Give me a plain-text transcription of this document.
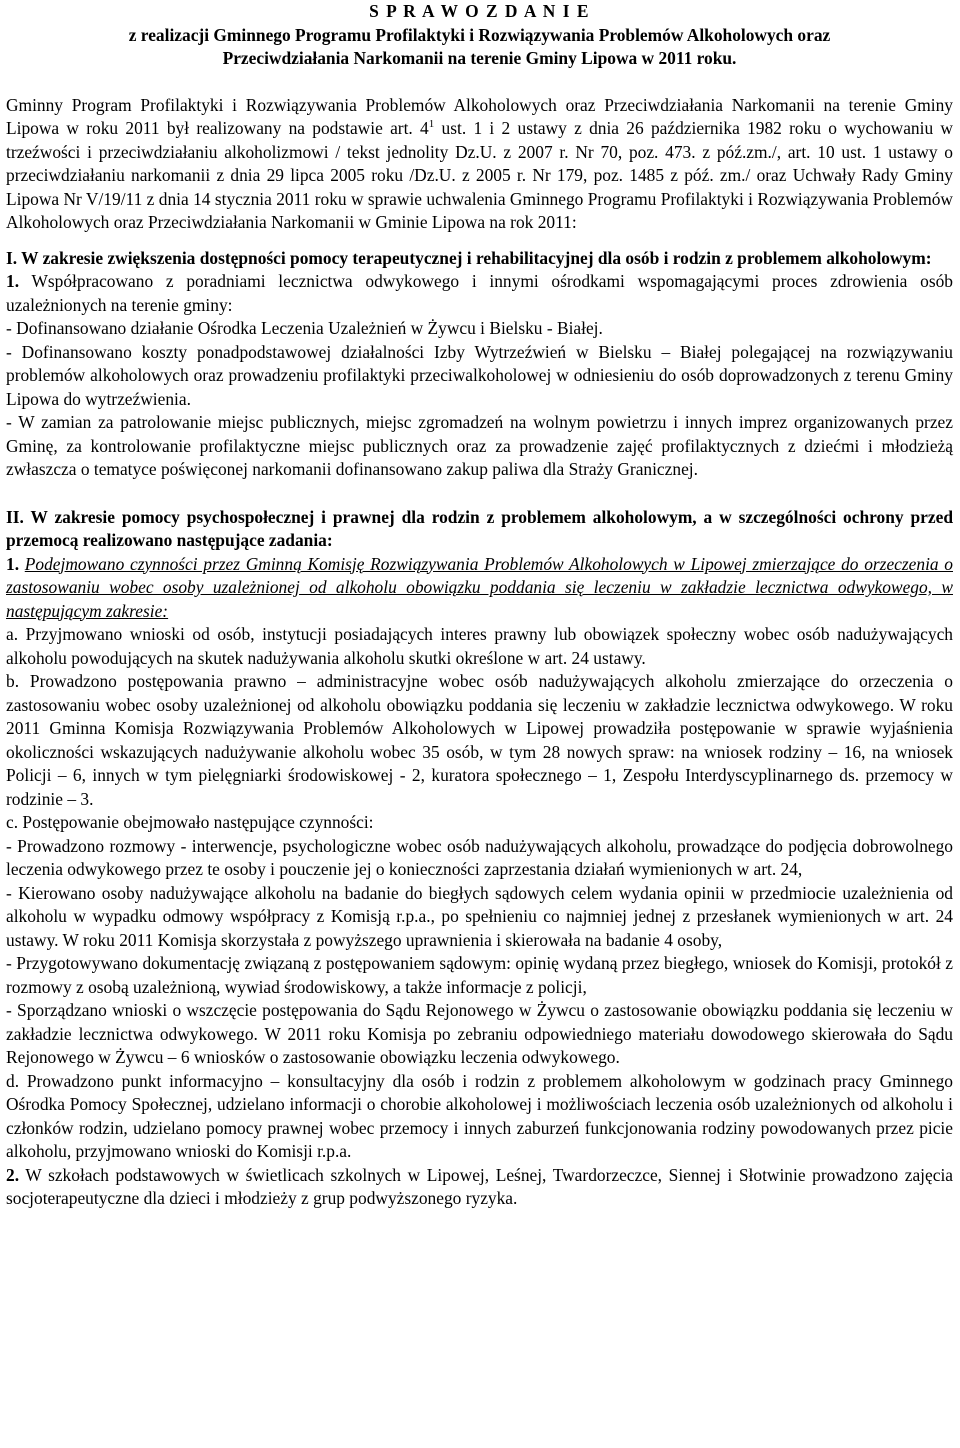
S P R A W O Z D A N I E
z realizacji Gminnego Programu Profilaktyki i Rozwiązywania Problemów Alkoholowych oraz
Przeciwdziałania Narkomanii na terenie Gminy Lipowa w 2011 roku.

Gminny Program Profilaktyki i Rozwiązywania Problemów Alkoholowych oraz Przeciwdziałania Narkomanii na terenie Gminy Lipowa w roku 2011 był realizowany na podstawie art. $4^1$ ust. 1 i 2 ustawy z dnia 26 października 1982 roku o wychowaniu w trzeźwości i przeciwdziałaniu alkoholizmowi / tekst jednolity Dz.U. z 2007 r. Nr 70, poz. 473. z póź.zm./, art. 10 ust. 1 ustawy o przeciwdziałaniu narkomanii z dnia 29 lipca 2005 roku /Dz.U. z 2005 r. Nr 179, poz. 1485 z póź. zm./ oraz Uchwały Rady Gminy Lipowa Nr V/19/11 z dnia 14 stycznia 2011 roku w sprawie uchwalenia Gminnego Programu Profilaktyki i Rozwiązywania Problemów Alkoholowych oraz Przeciwdziałania Narkomanii w Gminie Lipowa na rok 2011:

I. W zakresie zwiększenia dostępności pomocy terapeutycznej i rehabilitacyjnej dla osób i rodzin z problemem alkoholowym:

1. Współpracowano z poradniami lecznictwa odwykowego i innymi ośrodkami wspomagającymi proces zdrowienia osób uzależnionych na terenie gminy:

- Dofinansowano działanie Ośrodka Leczenia Uzależnień w Żywcu i Bielsku - Białej.

- Dofinansowano koszty ponadpodstawowej działalności Izby Wytrzeźwień w Bielsku – Białej polegającej na rozwiązywaniu problemów alkoholowych oraz prowadzeniu profilaktyki przeciwalkoholowej w odniesieniu do osób doprowadzonych z terenu Gminy Lipowa do wytrzeźwienia.

- W zamian za patrolowanie miejsc publicznych, miejsc zgromadzeń na wolnym powietrzu i innych imprez organizowanych przez Gminę, za kontrolowanie profilaktyczne miejsc publicznych oraz za prowadzenie zajęć profilaktycznych z dziećmi i młodzieżą zwłaszcza o tematyce poświęconej narkomanii dofinansowano zakup paliwa dla Straży Granicznej.

II. W zakresie pomocy psychospołecznej i prawnej dla rodzin z problemem alkoholowym, a w szczególności ochrony przed przemocą realizowano następujące zadania:

1. Podejmowano czynności przez Gminną Komisję Rozwiązywania Problemów Alkoholowych w Lipowej zmierzające do orzeczenia o zastosowaniu wobec osoby uzależnionej od alkoholu obowiązku poddania się leczeniu w zakładzie lecznictwa odwykowego, w następującym zakresie:

a. Przyjmowano wnioski od osób, instytucji posiadających interes prawny lub obowiązek społeczny wobec osób nadużywających alkoholu powodujących na skutek nadużywania alkoholu skutki określone w art. 24 ustawy.

b. Prowadzono postępowania prawno – administracyjne wobec osób nadużywających alkoholu zmierzające do orzeczenia o zastosowaniu wobec osoby uzależnionej od alkoholu obowiązku poddania się leczeniu w zakładzie lecznictwa odwykowego. W roku 2011 Gminna Komisja Rozwiązywania Problemów Alkoholowych w Lipowej prowadziła postępowanie w sprawie wyjaśnienia okoliczności wskazujących nadużywanie alkoholu wobec 35 osób, w tym 28 nowych spraw: na wniosek rodziny – 16, na wniosek Policji – 6, innych w tym pielęgniarki środowiskowej - 2, kuratora społecznego – 1, Zespołu Interdyscyplinarnego ds. przemocy w rodzinie – 3.

c. Postępowanie obejmowało następujące czynności:

- Prowadzono rozmowy - interwencje, psychologiczne wobec osób nadużywających alkoholu, prowadzące do podjęcia dobrowolnego leczenia odwykowego przez te osoby i pouczenie jej o konieczności zaprzestania działań wymienionych w art. 24,

- Kierowano osoby nadużywające alkoholu na badanie do biegłych sądowych celem wydania opinii w przedmiocie uzależnienia od alkoholu w wypadku odmowy współpracy z Komisją r.p.a., po spełnieniu co najmniej jednej z przesłanek wymienionych w art. 24 ustawy. W roku 2011 Komisja skorzystała z powyższego uprawnienia i skierowała na badanie 4 osoby,

- Przygotowywano dokumentację związaną z postępowaniem sądowym: opinię wydaną przez biegłego, wniosek do Komisji, protokół z rozmowy z osobą uzależnioną, wywiad środowiskowy, a także informacje z policji,

- Sporządzano wnioski o wszczęcie postępowania do Sądu Rejonowego w Żywcu o zastosowanie obowiązku poddania się leczeniu w zakładzie lecznictwa odwykowego. W 2011 roku Komisja po zebraniu odpowiedniego materiału dowodowego skierowała do Sądu Rejonowego w Żywcu – 6 wniosków o zastosowanie obowiązku leczenia odwykowego.

d. Prowadzono punkt informacyjno – konsultacyjny dla osób i rodzin z problemem alkoholowym w godzinach pracy Gminnego Ośrodka Pomocy Społecznej, udzielano informacji o chorobie alkoholowej i możliwościach leczenia osób uzależnionych od alkoholu i członków rodzin, udzielano pomocy prawnej wobec przemocy i innych zaburzeń funkcjonowania rodziny powodowanych przez picie alkoholu, przyjmowano wnioski do Komisji r.p.a.

2. W szkołach podstawowych w świetlicach szkolnych w Lipowej, Leśnej, Twardorzeczce, Siennej i Słotwinie prowadzono zajęcia socjoterapeutyczne dla dzieci i młodzieży z grup podwyższonego ryzyka.
